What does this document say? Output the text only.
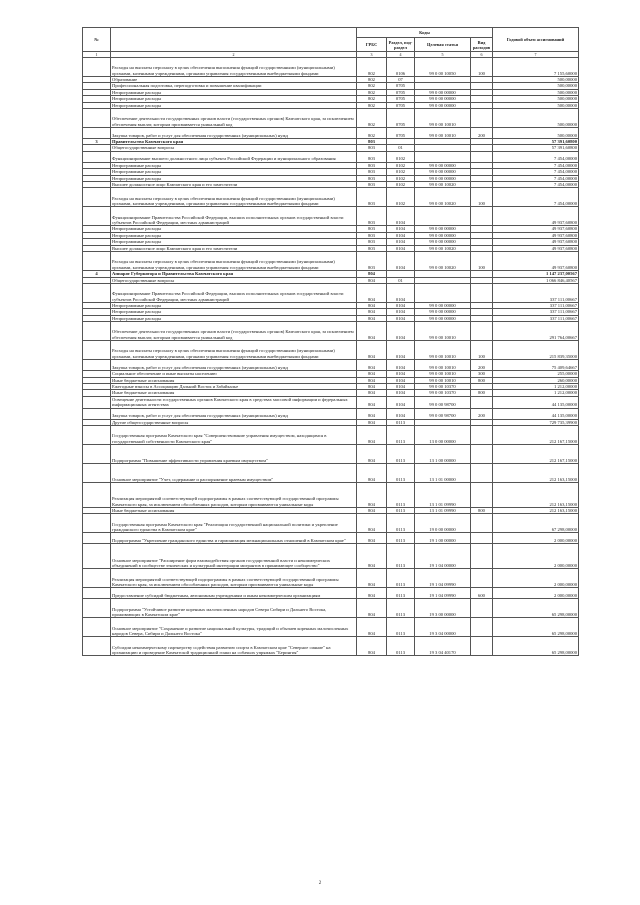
№		Коды				Годовой объем ассигнований
		ГРБС	Раздел, под-раздел	Целевая статья	Вид расходов	
1	2	3	4	5	6	7
	Расходы на выплаты персоналу в целях обеспечения выполнения функций государственными (муниципальными) органами, казенными учреждениями, органами управления государственными внебюджетными фондами	802	0106	99 0 00 10050	100	7 155,60000
	Образование	802	07			500,00000
	Профессиональная подготовка, переподготовка и повышение квалификации	802	0705			500,00000
	Непрограммные расходы	802	0705	99 0 00 00000		500,00000
	Непрограммные расходы	802	0705	99 0 00 00000		500,00000
	Непрограммные расходы	802	0705	99 0 00 00000		500,00000
	Обеспечение деятельности государственных органов власти (государственных органов) Камчатского края, за исключением обеспечения выплат, которым присваивается уникальный код	802	0705	99 0 00 10010		500,00000
	Закупка товаров, работ и услуг для обеспечения государственных (муниципальных) нужд	802	0705	99 0 00 10010	200	500,00000
3	Правительство Камчатского края	803				57 391,60800
	Общегосударственные вопросы	803	01			57 391,60800
	Функционирование высшего должностного лица субъекта Российской Федерации и муниципального образования	803	0102			7 454,00000
	Непрограммные расходы	803	0102	99 0 00 00000		7 454,00000
	Непрограммные расходы	803	0102	99 0 00 00000		7 454,00000
	Непрограммные расходы	803	0102	99 0 00 00000		7 454,00000
	Высшее должностное лицо Камчатского края и его заместители	803	0102	99 0 00 10020		7 454,00000
	Расходы на выплаты персоналу в целях обеспечения выполнения функций государственными (муниципальными) органами, казенными учреждениями, органами управления государственными внебюджетными фондами	803	0102	99 0 00 10020	100	7 454,00000
	Функционирование Правительства Российской Федерации, высших исполнительных органов государственной власти субъектов Российской Федерации, местных администраций	803	0104			49 937,60800
	Непрограммные расходы	803	0104	99 0 00 00000		49 937,60800
	Непрограммные расходы	803	0104	99 0 00 00000		49 937,60800
	Непрограммные расходы	803	0104	99 0 00 00000		49 937,60800
	Высшее должностное лицо Камчатского края и его заместители	803	0104	99 0 00 10020		49 937,60800
	Расходы на выплаты персоналу в целях обеспечения выполнения функций государственными (муниципальными) органами, казенными учреждениями, органами управления государственными внебюджетными фондами	803	0104	99 0 00 10020	100	49 937,60800
4	Аппарат Губернатора и Правительства Камчатского края	804				1 147 237,00567
	Общегосударственные вопросы	804	01			1 066 846,40567
	Функционирование Правительства Российской Федерации, высших исполнительных органов государственной власти субъектов Российской Федерации, местных администраций	804	0104			337 111,00667
	Непрограммные расходы	804	0104	99 0 00 00000		337 111,00667
	Непрограммные расходы	804	0104	99 0 00 00000		337 111,00667
	Непрограммные расходы	804	0104	99 0 00 00000		337 111,00667
	Обеспечение деятельности государственных органов власти (государственных органов) Камчатского края, за исключением обеспечения выплат, которым присваивается уникальный код	804	0104	99 0 00 10010		291 764,00667
	Расходы на выплаты персоналу в целях обеспечения выполнения функций государственными (муниципальными) органами, казенными учреждениями, органами управления государственными внебюджетными фондами	804	0104	99 0 00 10010	100	215 839,35000
	Закупка товаров, работ и услуг для обеспечения государственных (муниципальных) нужд	804	0104	99 0 00 10010	200	75 409,64667
	Социальное обеспечение и иные выплаты населению	804	0104	99 0 00 10010	300	255,00000
	Иные бюджетные ассигнования	804	0104	99 0 00 10010	800	260,00000
	Ежегодные взносы в Ассоциацию Дальний Восток и Забайкалье	804	0104	99 0 00 10370		1 212,00000
	Иные бюджетные ассигнования	804	0104	99 0 00 10370	800	1 212,00000
	Освещение деятельности государственных органов Камчатского края в средствах массовой информации и федеральных информационных агентствах	804	0104	99 0 00 98700		44 135,00000
	Закупка товаров, работ и услуг для обеспечения государственных (муниципальных) нужд	804	0104	99 0 00 98700	200	44 135,00000
	Другие общегосударственные вопросы	804	0113			729 735,39900
	Государственная программа Камчатского края "Совершенствование управления имуществом, находящимся в государственной собственности Камчатского края"	804	0113	13 0 00 00000		212 167,15000
	Подпрограмма "Повышение эффективности управления краевым имуществом"	804	0113	13 1 00 00000		212 167,15000
	Основное мероприятие "Учет, содержание и распоряжение краевым имуществом"	804	0113	13 1 01 00000		212 163,15000
	Реализация мероприятий соответствующей подпрограммы в рамках соответствующей государственной программы Камчатского края, за исключением обособленных расходов, которым присваиваются уникальные коды	804	0113	13 1 01 09990		212 163,15000
	Иные бюджетные ассигнования	804	0113	13 1 01 09990	800	212 163,15000
	Государственная программа Камчатского края "Реализация государственной национальной политики и укрепление гражданского единства в Камчатском крае"	804	0113	19 0 00 00000		67 298,00000
	Подпрограмма "Укрепление гражданского единства и гармонизация межнациональных отношений в Камчатском крае"	804	0113	19 1 00 00000		2 000,00000
	Основное мероприятие "Расширение форм взаимодействия органов государственной власти и некоммерческих объединений в сообществе этнических и культурной интеграции мигрантов в принимающее сообщество"	804	0113	19 1 04 00000		2 000,00000
	Реализация мероприятий соответствующей подпрограммы в рамках соответствующей государственной программы Камчатского края, за исключением обособленных расходов, которым присваиваются уникальные коды	804	0113	19 1 04 09990		2 000,00000
	Предоставление субсидий бюджетным, автономным учреждениям и иным некоммерческим организациям	804	0113	19 1 04 09990	600	2 000,00000
	Подпрограмма "Устойчивое развитие коренных малочисленных народов Севера Сибири и Дальнего Востока, проживающих в Камчатском крае"	804	0113	19 3 00 00000		65 298,00000
	Основное мероприятие "Сохранение и развитие национальной культуры, традиций и обычаев коренных малочисленных народов Севера, Сибири и Дальнего Востока"	804	0113	19 3 04 00000		65 298,00000
	Субсидии некоммерческому партнерству содействия развитию спорта в Камчатском крае "Северное сияние" на организацию и проведение Камчатской традиционной гонки на собачьих упряжках "Берингия"	804	0113	19 3 04 40170		65 298,00000
2
